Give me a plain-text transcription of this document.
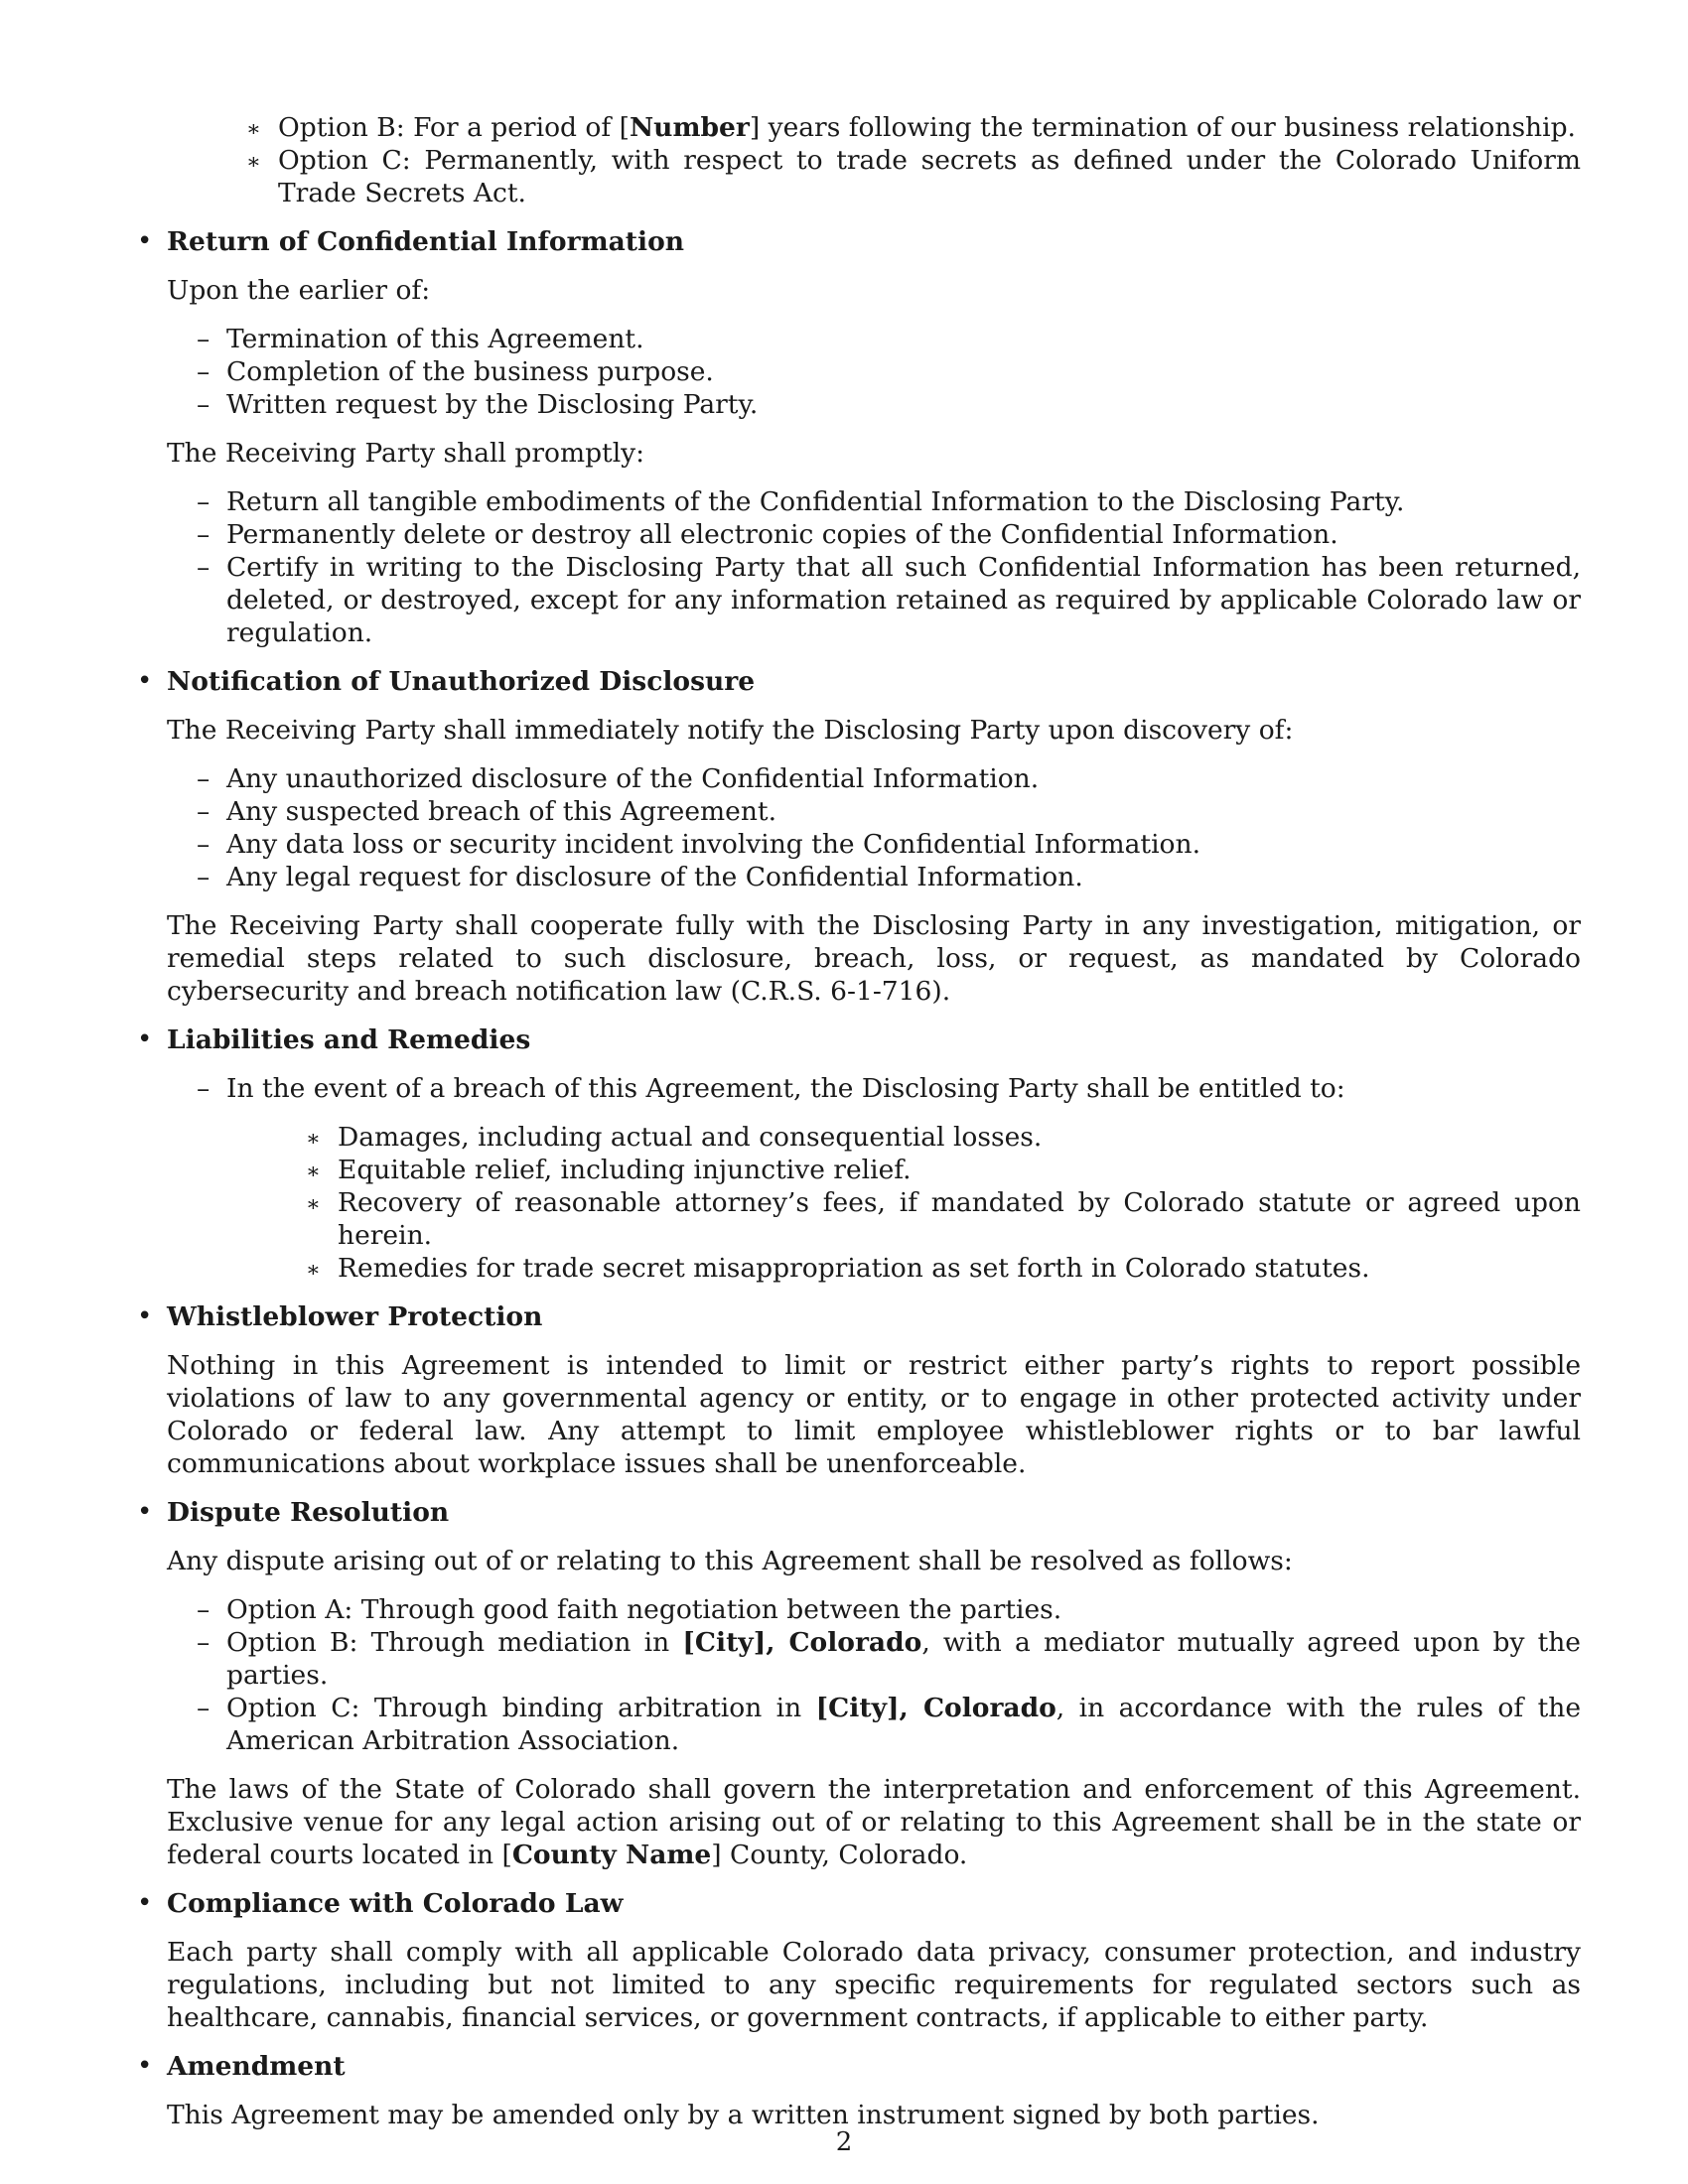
∗ Option B: For a period of [Number] years following the termination of our business relationship.
∗ Option C: Permanently, with respect to trade secrets as defined under the Colorado Uniform Trade Secrets Act.
• Return of Confidential Information

Upon the earlier of:

– Termination of this Agreement.
– Completion of the business purpose.
– Written request by the Disclosing Party.

The Receiving Party shall promptly:

– Return all tangible embodiments of the Confidential Information to the Disclosing Party.
– Permanently delete or destroy all electronic copies of the Confidential Information.
– Certify in writing to the Disclosing Party that all such Confidential Information has been returned, deleted, or destroyed, except for any information retained as required by applicable Colorado law or regulation.
• Notification of Unauthorized Disclosure

The Receiving Party shall immediately notify the Disclosing Party upon discovery of:

– Any unauthorized disclosure of the Confidential Information.
– Any suspected breach of this Agreement.
– Any data loss or security incident involving the Confidential Information.
– Any legal request for disclosure of the Confidential Information.

The Receiving Party shall cooperate fully with the Disclosing Party in any investigation, mitigation, or remedial steps related to such disclosure, breach, loss, or request, as mandated by Colorado cybersecurity and breach notification law (C.R.S. 6-1-716).

• Liabilities and Remedies

– In the event of a breach of this Agreement, the Disclosing Party shall be entitled to:
∗ Damages, including actual and consequential losses.
∗ Equitable relief, including injunctive relief.
∗ Recovery of reasonable attorney’s fees, if mandated by Colorado statute or agreed upon herein.
∗ Remedies for trade secret misappropriation as set forth in Colorado statutes.
• Whistleblower Protection

Nothing in this Agreement is intended to limit or restrict either party’s rights to report possible violations of law to any governmental agency or entity, or to engage in other protected activity under Colorado or federal law. Any attempt to limit employee whistleblower rights or to bar lawful communications about workplace issues shall be unenforceable.

• Dispute Resolution

Any dispute arising out of or relating to this Agreement shall be resolved as follows:

– Option A: Through good faith negotiation between the parties.
– Option B: Through mediation in [City], Colorado, with a mediator mutually agreed upon by the parties.
– Option C: Through binding arbitration in [City], Colorado, in accordance with the rules of the American Arbitration Association.

The laws of the State of Colorado shall govern the interpretation and enforcement of this Agreement. Exclusive venue for any legal action arising out of or relating to this Agreement shall be in the state or federal courts located in [County Name] County, Colorado.

• Compliance with Colorado Law

Each party shall comply with all applicable Colorado data privacy, consumer protection, and industry regulations, including but not limited to any specific requirements for regulated sectors such as healthcare, cannabis, financial services, or government contracts, if applicable to either party.

• Amendment

This Agreement may be amended only by a written instrument signed by both parties.

2
